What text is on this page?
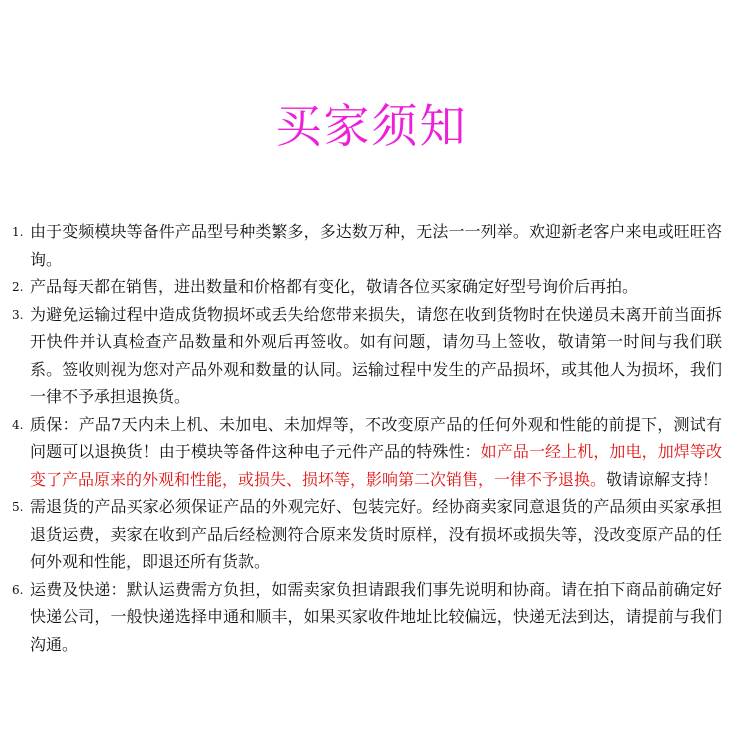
买家须知
1. 由于变频模块等备件产品型号种类繁多，多达数万种，无法一一列举。欢迎新老客户来电或旺旺咨询。
2. 产品每天都在销售，进出数量和价格都有变化，敬请各位买家确定好型号询价后再拍。
3. 为避免运输过程中造成货物损坏或丢失给您带来损失，请您在收到货物时在快递员未离开前当面拆开快件并认真检查产品数量和外观后再签收。如有问题，请勿马上签收，敬请第一时间与我们联系。签收则视为您对产品外观和数量的认同。运输过程中发生的产品损坏，或其他人为损坏，我们一律不予承担退换货。
4. 质保：产品7天内未上机、未加电、未加焊等，不改变原产品的任何外观和性能的前提下，测试有问题可以退换货！由于模块等备件这种电子元件产品的特殊性：如产品一经上机，加电，加焊等改变了产品原来的外观和性能，或损失、损坏等，影响第二次销售，一律不予退换。敬请谅解支持！
5. 需退货的产品买家必须保证产品的外观完好、包装完好。经协商卖家同意退货的产品须由买家承担退货运费，卖家在收到产品后经检测符合原来发货时原样，没有损坏或损失等，没改变原产品的任何外观和性能，即退还所有货款。
6. 运费及快递：默认运费需方负担，如需卖家负担请跟我们事先说明和协商。请在拍下商品前确定好快递公司，一般快递选择申通和顺丰，如果买家收件地址比较偏远，快递无法到达，请提前与我们沟通。
